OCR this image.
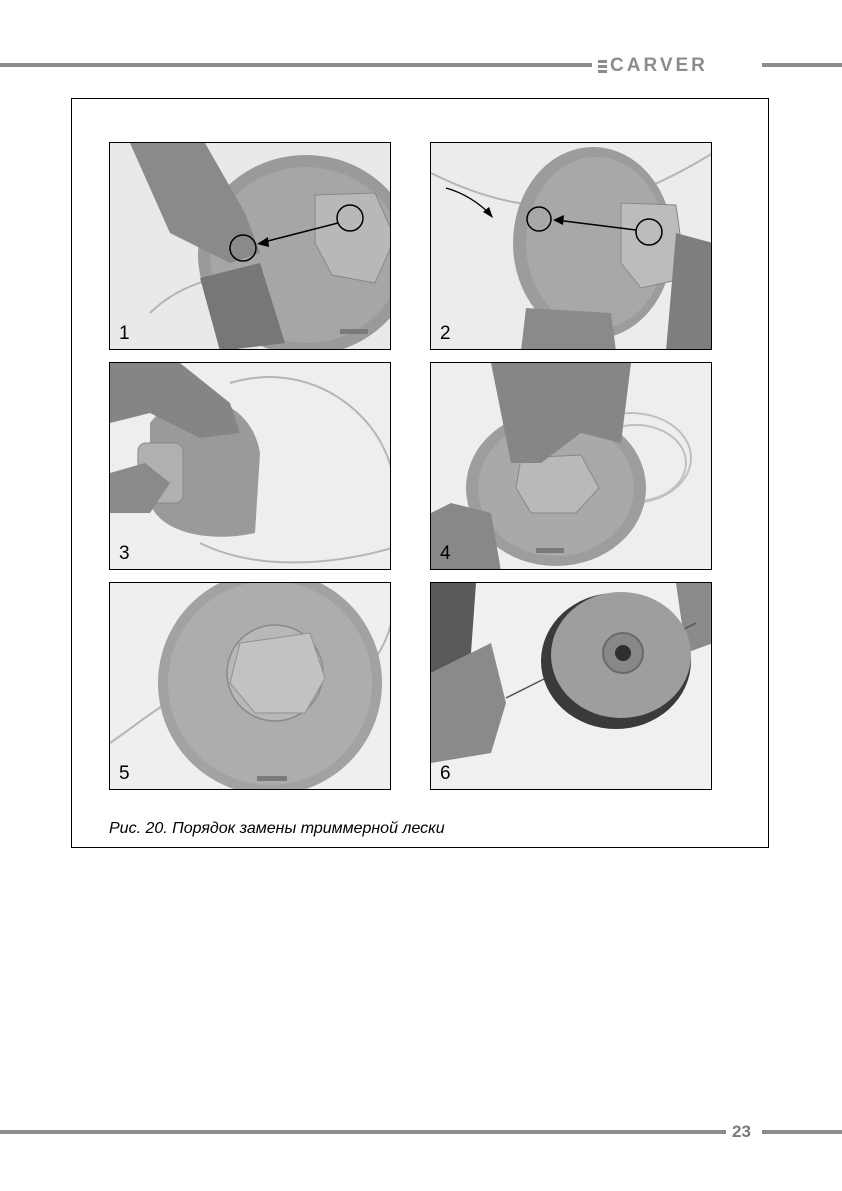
CARVER
1	2
3	4
5	6
Рис. 20. Порядок замены триммерной лески
23
